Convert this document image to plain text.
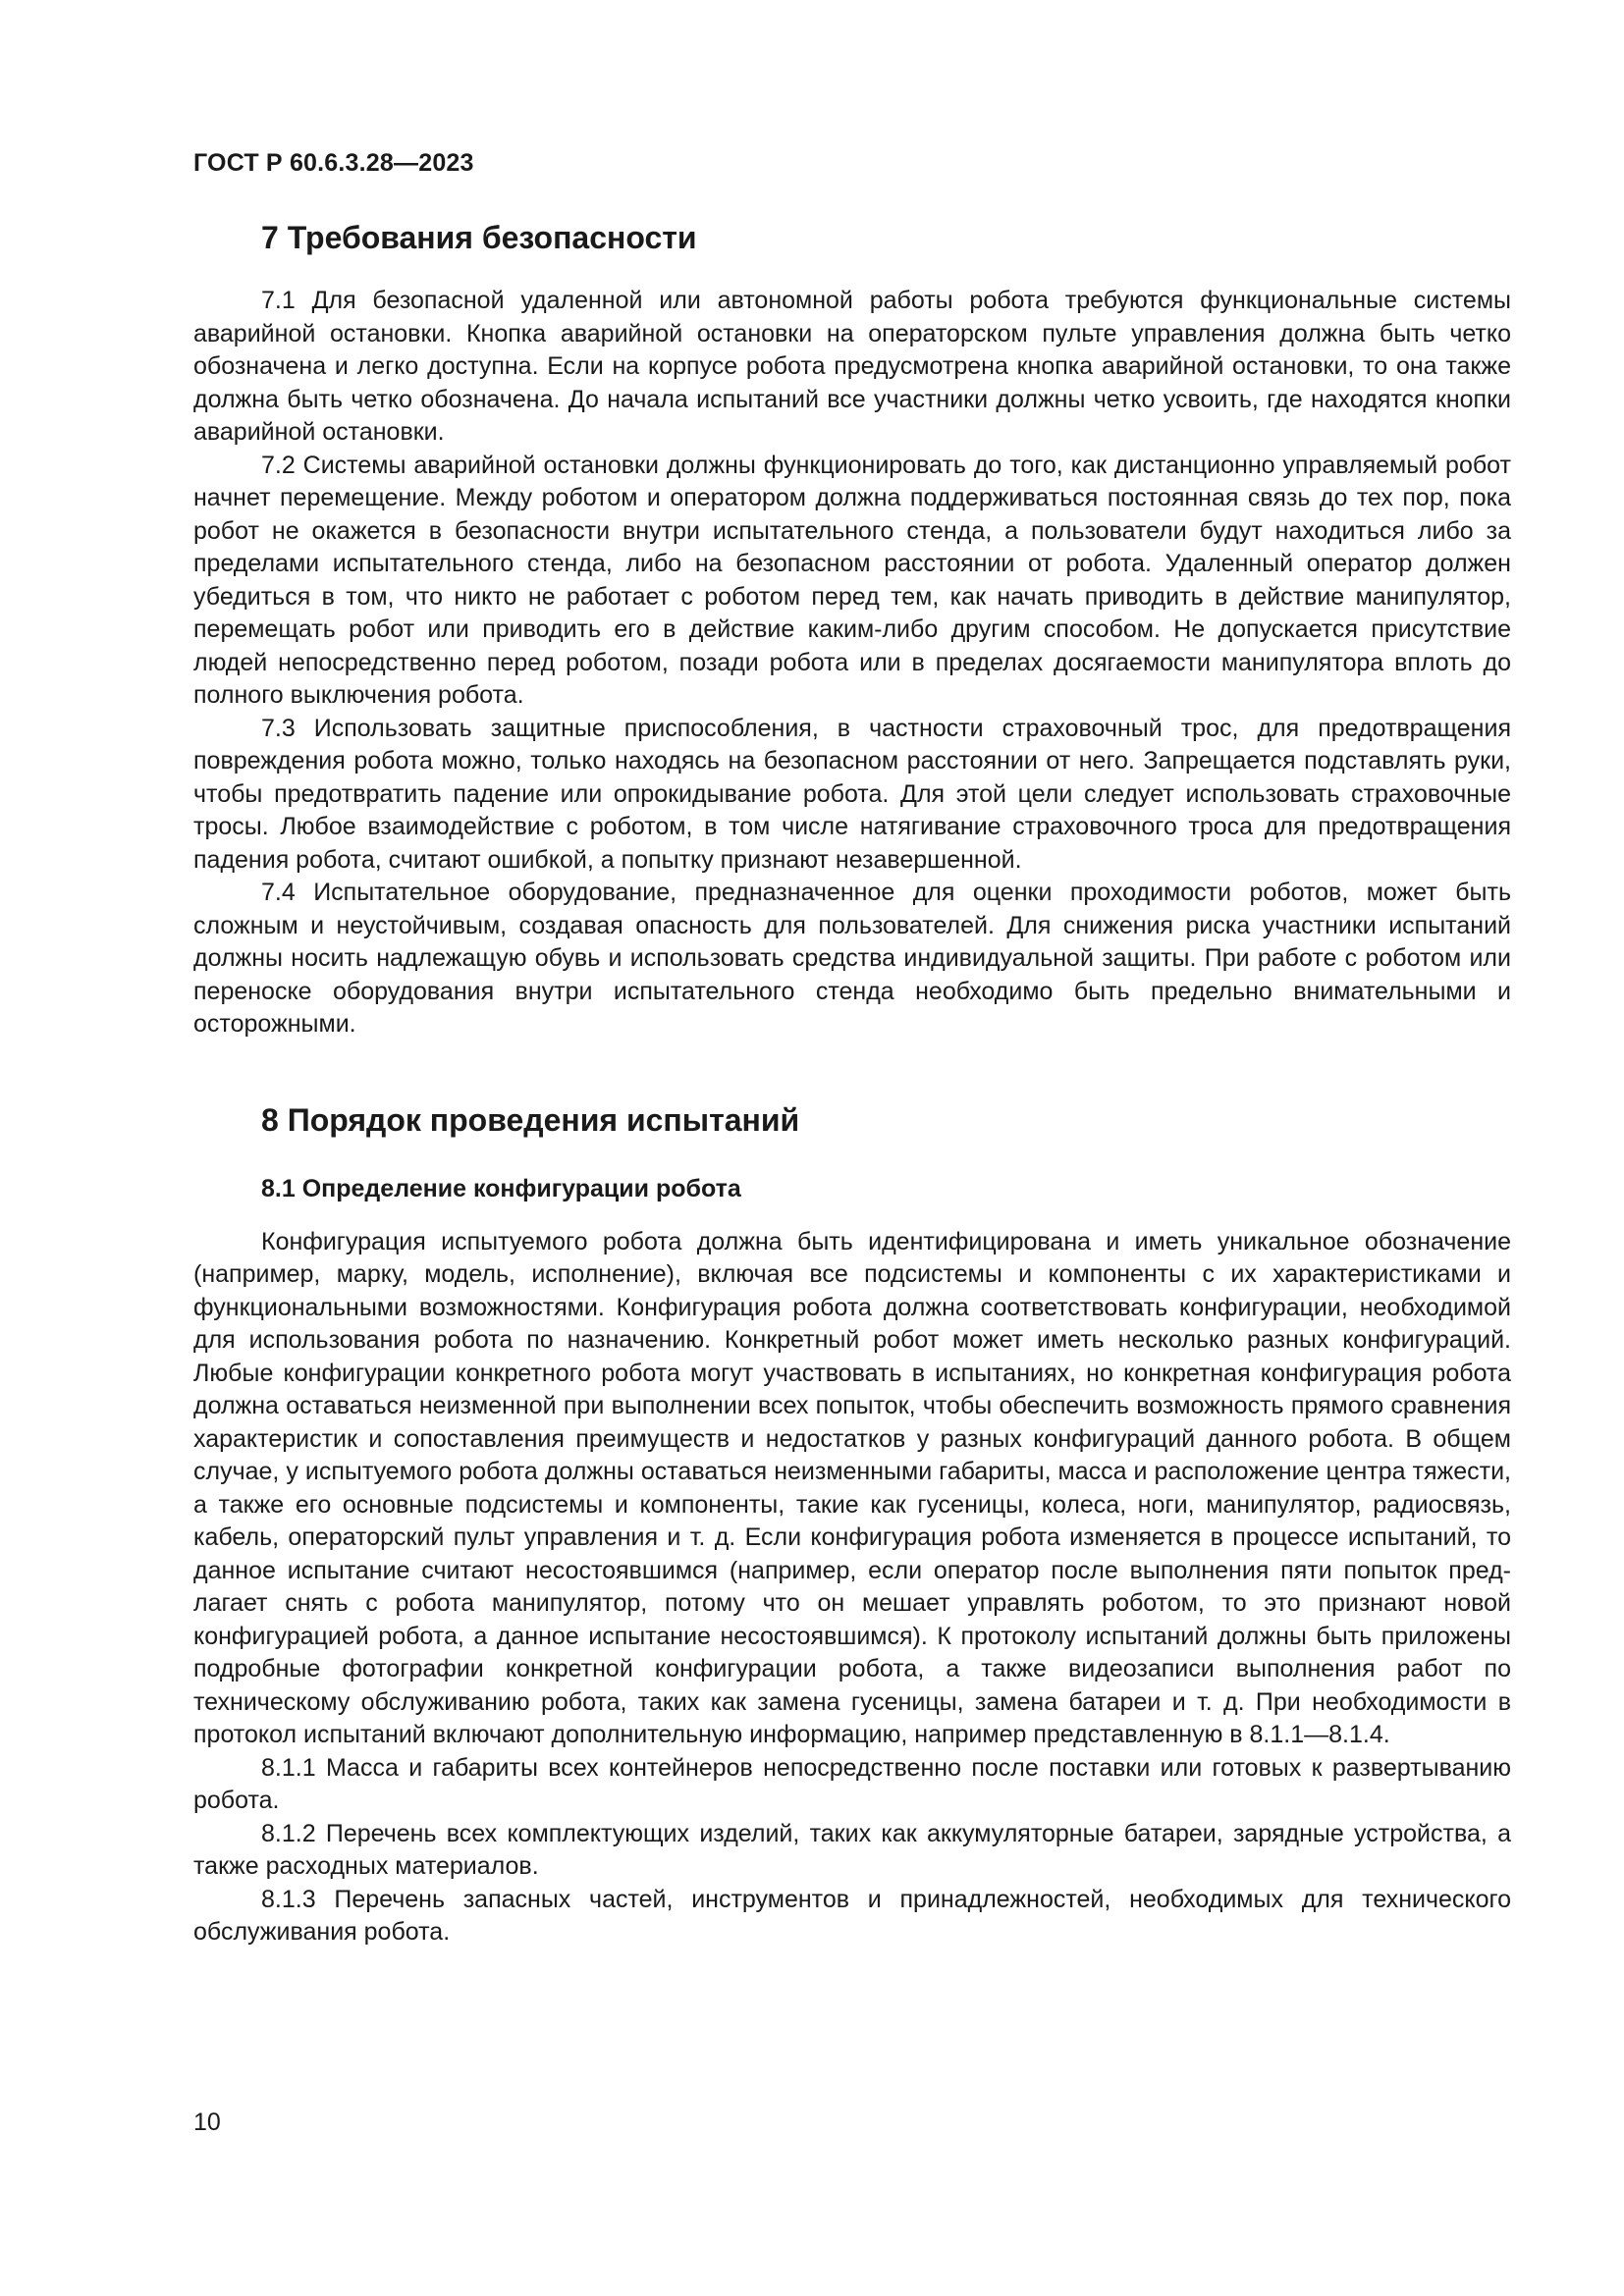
ГОСТ Р 60.6.3.28—2023
7 Требования безопасности

7.1 Для безопасной удаленной или автономной работы робота требуются функциональные системы аварийной остановки. Кнопка аварийной остановки на операторском пульте управления должна быть четко обозначена и легко доступна. Если на корпусе робота предусмотрена кнопка аварийной остановки, то она также должна быть четко обозначена. До начала испытаний все участники должны четко усвоить, где находятся кнопки аварийной остановки.

7.2 Системы аварийной остановки должны функционировать до того, как дистанционно управляемый робот начнет перемещение. Между роботом и оператором должна поддерживаться постоянная связь до тех пор, пока робот не окажется в безопасности внутри испытательного стенда, а пользователи будут находиться либо за пределами испытательного стенда, либо на безопасном расстоянии от робота. Удаленный оператор должен убедиться в том, что никто не работает с роботом перед тем, как начать приводить в действие манипулятор, перемещать робот или приводить его в действие каким-либо другим способом. Не допускается присутствие людей непосредственно перед роботом, позади робота или в пределах досягаемости манипулятора вплоть до полного выключения робота.

7.3 Использовать защитные приспособления, в частности страховочный трос, для предотвращения повреждения робота можно, только находясь на безопасном расстоянии от него. Запрещается подставлять руки, чтобы предотвратить падение или опрокидывание робота. Для этой цели следует использовать страховочные тросы. Любое взаимодействие с роботом, в том числе натягивание страховочного троса для предотвращения падения робота, считают ошибкой, а попытку признают незавершенной.

7.4 Испытательное оборудование, предназначенное для оценки проходимости роботов, может быть сложным и неустойчивым, создавая опасность для пользователей. Для снижения риска участники испытаний должны носить надлежащую обувь и использовать средства индивидуальной защиты. При работе с роботом или переноске оборудования внутри испытательного стенда необходимо быть предельно внимательными и осторожными.

8 Порядок проведения испытаний
8.1 Определение конфигурации робота

Конфигурация испытуемого робота должна быть идентифицирована и иметь уникальное обозначение (например, марку, модель, исполнение), включая все подсистемы и компоненты с их характеристиками и функциональными возможностями. Конфигурация робота должна соответствовать конфигурации, необходимой для использования робота по назначению. Конкретный робот может иметь несколько разных конфигураций. Любые конфигурации конкретного робота могут участвовать в испытаниях, но конкретная конфигурация робота должна оставаться неизменной при выполнении всех попыток, чтобы обеспечить возможность прямого сравнения характеристик и сопоставления преимуществ и недостатков у разных конфигураций данного робота. В общем случае, у испытуемого робота должны оставаться неизменными габариты, масса и расположение центра тяжести, а также его основные подсистемы и компоненты, такие как гусеницы, колеса, ноги, манипулятор, радиосвязь, кабель, операторский пульт управления и т. д. Если конфигурация робота изменяется в процессе испытаний, то данное испытание считают несостоявшимся (например, если оператор после выполнения пяти попыток предлагает снять с робота манипулятор, потому что он мешает управлять роботом, то это признают новой конфигурацией робота, а данное испытание несостоявшимся). К протоколу испытаний должны быть приложены подробные фотографии конкретной конфигурации робота, а также видеозаписи выполнения работ по техническому обслуживанию робота, таких как замена гусеницы, замена батареи и т. д. При необходимости в протокол испытаний включают дополнительную информацию, например представленную в 8.1.1—8.1.4.

8.1.1 Масса и габариты всех контейнеров непосредственно после поставки или готовых к развертыванию робота.

8.1.2 Перечень всех комплектующих изделий, таких как аккумуляторные батареи, зарядные устройства, а также расходных материалов.

8.1.3 Перечень запасных частей, инструментов и принадлежностей, необходимых для технического обслуживания робота.

10
